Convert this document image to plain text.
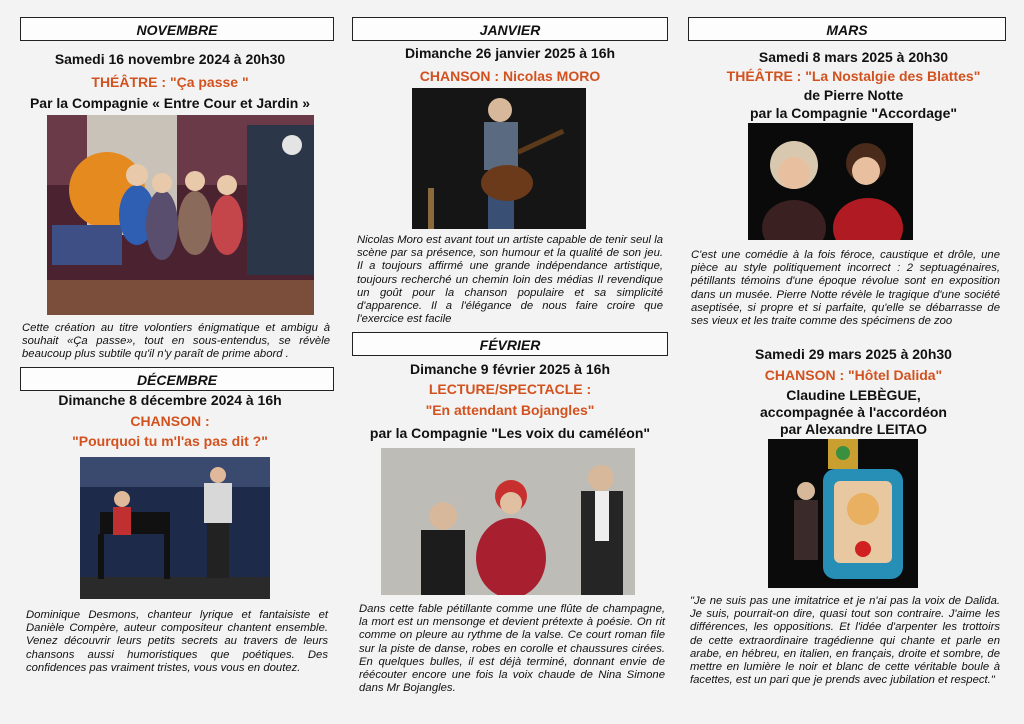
NOVEMBRE
Samedi 16 novembre 2024 à 20h30
THÉÂTRE : "Ça passe "
Par la Compagnie « Entre Cour et Jardin »

Cette création au titre volontiers énigmatique et ambigu à souhait «Ça passe», tout en sous-entendus, se révèle beaucoup plus subtile qu'il n'y paraît de prime abord .

DÉCEMBRE
Dimanche 8 décembre 2024 à 16h
CHANSON :
"Pourquoi tu m'l'as pas dit ?"

Dominique Desmons, chanteur lyrique et fantaisiste et Danièle Compère, auteur compositeur chantent ensemble. Venez découvrir leurs petits secrets au travers de leurs chansons aussi humoristiques que poétiques. Des confidences pas vraiment tristes, vous vous en doutez.

JANVIER
Dimanche 26 janvier 2025 à 16h
CHANSON : Nicolas MORO

Nicolas Moro est avant tout un artiste capable de tenir seul la scène par sa présence, son humour et la qualité de son jeu. Il a toujours affirmé une grande indépendance artistique, toujours recherché un chemin loin des médias Il revendique un goût pour la chanson populaire et sa simplicité d'apparence. Il a l'élégance de nous faire croire que l'exercice est facile

FÉVRIER
Dimanche 9 février 2025 à 16h
LECTURE/SPECTACLE :
"En attendant Bojangles"
par la Compagnie "Les voix du caméléon"

Dans cette fable pétillante comme une flûte de champagne, la mort est un mensonge et devient prétexte à poésie. On rit comme on pleure au rythme de la valse. Ce court roman file sur la piste de danse, robes en corolle et chaussures cirées. En quelques bulles, il est déjà terminé, donnant envie de réécouter encore une fois la voix chaude de Nina Simone dans Mr Bojangles.

MARS
Samedi 8 mars 2025 à 20h30
THÉÂTRE : "La Nostalgie des Blattes"
de Pierre Notte
par la Compagnie "Accordage"

C'est une comédie à la fois féroce, caustique et drôle, une pièce au style politiquement incorrect : 2 septuagénaires, pétillants témoins d'une époque révolue sont en exposition dans un musée. Pierre Notte révèle le tragique d'une société aseptisée, si propre et si parfaite, qu'elle se débarrasse de ses vieux et les traite comme des spécimens de zoo

Samedi 29 mars 2025 à 20h30
CHANSON : "Hôtel Dalida"
Claudine LEBÈGUE,
accompagnée à l'accordéon
par Alexandre LEITAO

"Je ne suis pas une imitatrice et je n'ai pas la voix de Dalida. Je suis, pourrait-on dire, quasi tout son contraire. J'aime les différences, les oppositions. Et l'idée d'arpenter les trottoirs de cette extraordinaire tragédienne qui chante et parle en arabe, en hébreu, en italien, en français, droite et sombre, de mettre en lumière le noir et blanc de cette véritable boule à facettes, est un pari que je prends avec jubilation et respect."
